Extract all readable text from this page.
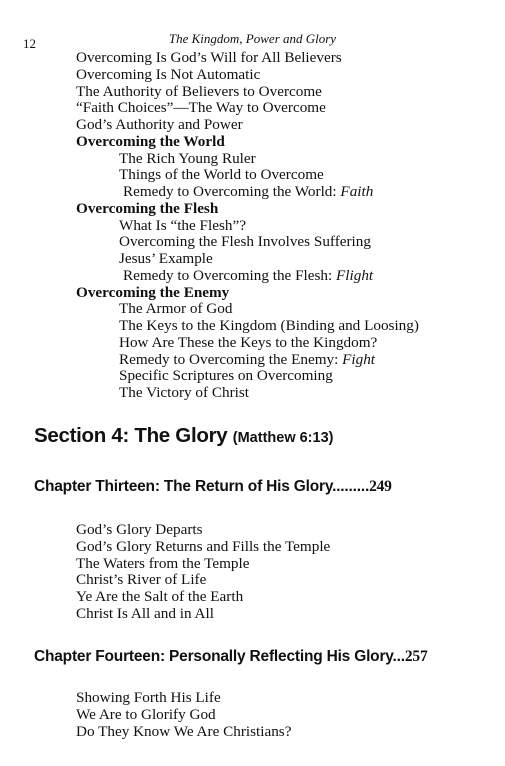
12	The Kingdom, Power and Glory
Overcoming Is God’s Will for All Believers
Overcoming Is Not Automatic
The Authority of Believers to Overcome
“Faith Choices”—The Way to Overcome
God’s Authority and Power
Overcoming the World
The Rich Young Ruler
Things of the World to Overcome
Remedy to Overcoming the World: Faith
Overcoming the Flesh
What Is “the Flesh”?
Overcoming the Flesh Involves Suffering
Jesus’ Example
Remedy to Overcoming the Flesh: Flight
Overcoming the Enemy
The Armor of God
The Keys to the Kingdom (Binding and Loosing)
How Are These the Keys to the Kingdom?
Remedy to Overcoming the Enemy: Fight
Specific Scriptures on Overcoming
The Victory of Christ
Section 4: The Glory (Matthew 6:13)
Chapter Thirteen: The Return of His Glory.........249
God’s Glory Departs
God’s Glory Returns and Fills the Temple
The Waters from the Temple
Christ’s River of Life
Ye Are the Salt of the Earth
Christ Is All and in All
Chapter Fourteen: Personally Reflecting His Glory...257
Showing Forth His Life
We Are to Glorify God
Do They Know We Are Christians?
